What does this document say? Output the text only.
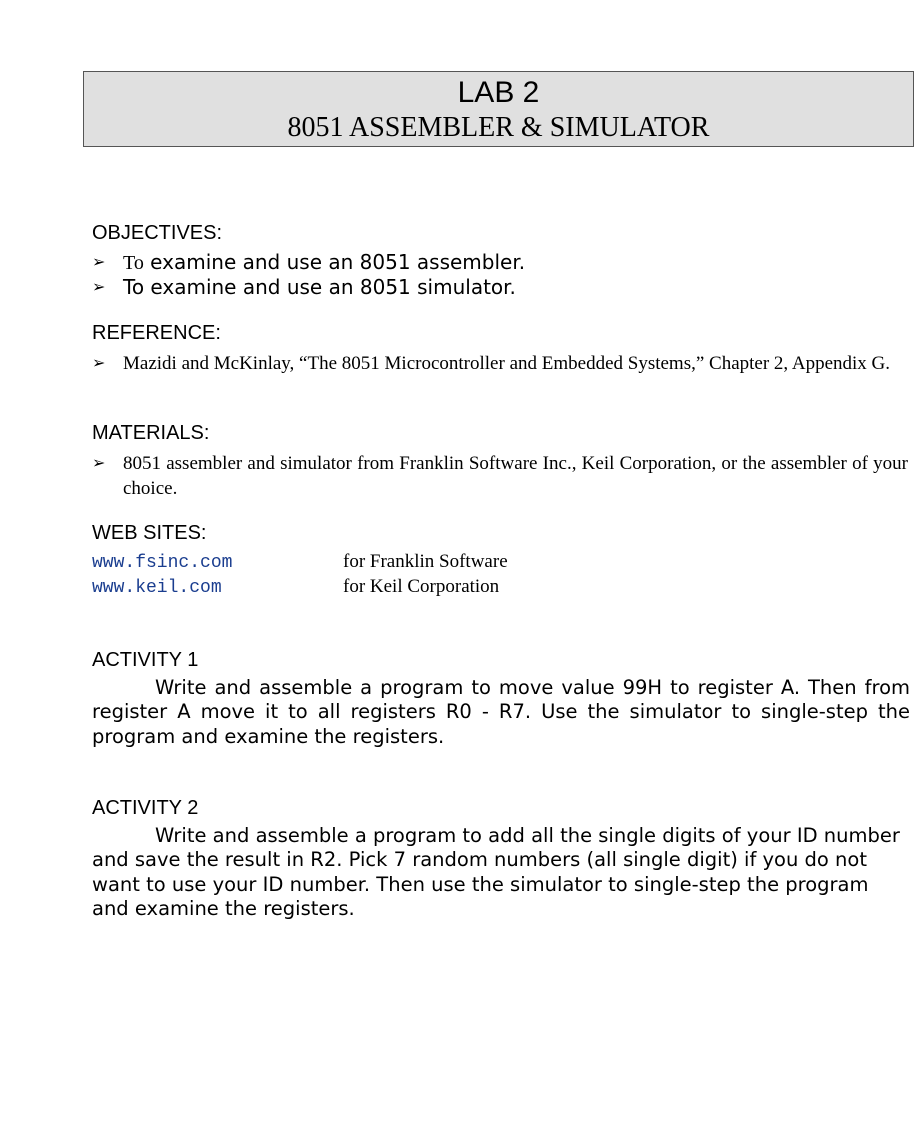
LAB 2
8051 ASSEMBLER & SIMULATOR
OBJECTIVES:
➢ To examine and use an 8051 assembler.
➢ To examine and use an 8051 simulator.
REFERENCE:
➢ Mazidi and McKinlay, “The 8051 Microcontroller and Embedded Systems,” Chapter 2, Appendix G.
MATERIALS:
➢ 8051 assembler and simulator from Franklin Software Inc., Keil Corporation, or the assembler of your choice.
WEB SITES:
www.fsinc.com	for Franklin Software
www.keil.com	for Keil Corporation
ACTIVITY 1
Write and assemble a program to move value 99H to register A. Then from register A move it to all registers R0 - R7. Use the simulator to single-step the program and examine the registers.
ACTIVITY 2
Write and assemble a program to add all the single digits of your ID number and save the result in R2. Pick 7 random numbers (all single digit) if you do not want to use your ID number. Then use the simulator to single-step the program and examine the registers.
